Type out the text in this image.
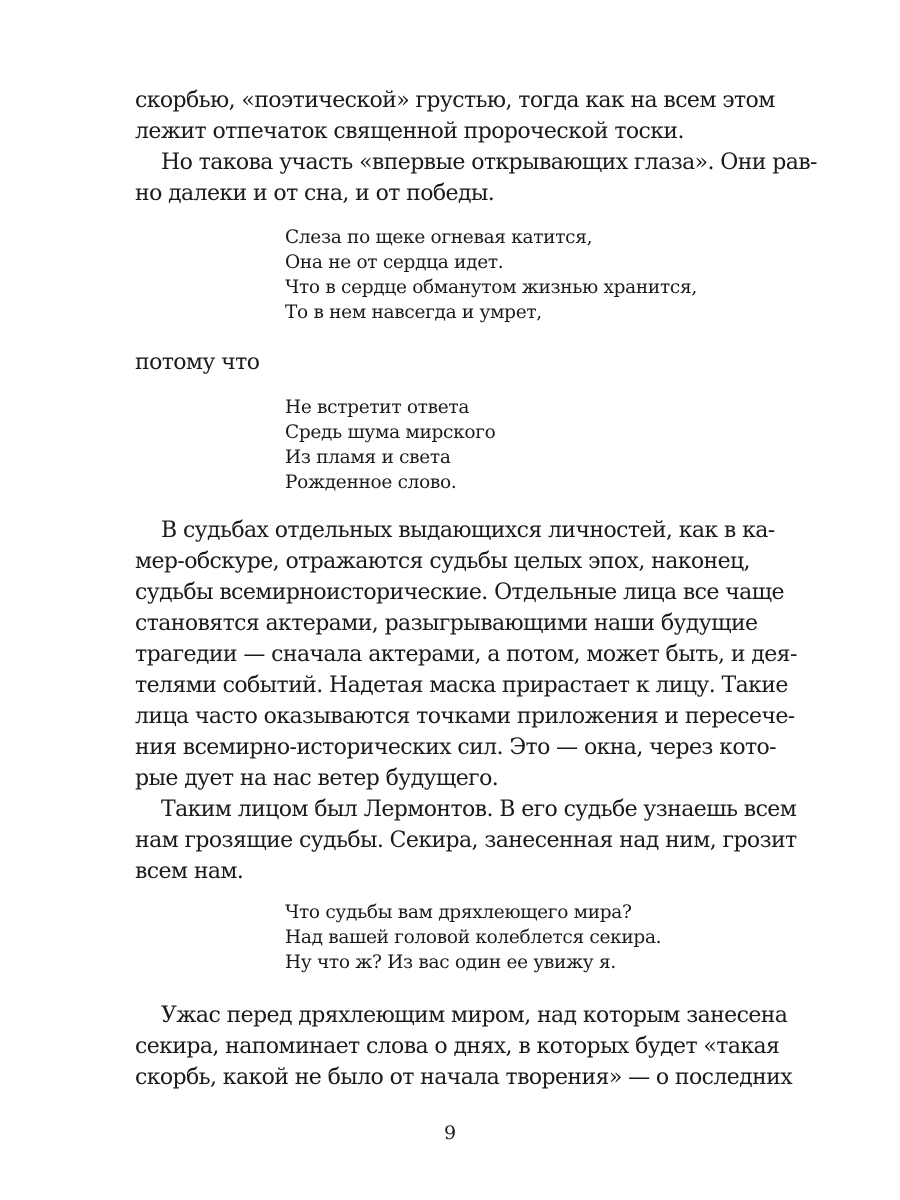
скорбью, «поэтической» грустью, тогда как на всем этом
лежит отпечаток священной пророческой тоски.
Но такова участь «впервые открывающих глаза». Они рав-
но далеки и от сна, и от победы.
Слеза по щеке огневая катится,
Она не от сердца идет.
Что в сердце обманутом жизнью хранится,
То в нем навсегда и умрет,
потому что
Не встретит ответа
Средь шума мирского
Из пламя и света
Рожденное слово.
В судьбах отдельных выдающихся личностей, как в ка-
мер-обскуре, отражаются судьбы целых эпох, наконец,
судьбы всемирноисторические. Отдельные лица все чаще
становятся актерами, разыгрывающими наши будущие
трагедии — сначала актерами, а потом, может быть, и дея-
телями событий. Надетая маска прирастает к лицу. Такие
лица часто оказываются точками приложения и пересече-
ния всемирно-исторических сил. Это — окна, через кото-
рые дует на нас ветер будущего.
Таким лицом был Лермонтов. В его судьбе узнаешь всем
нам грозящие судьбы. Секира, занесенная над ним, грозит
всем нам.
Что судьбы вам дряхлеющего мира?
Над вашей головой колеблется секира.
Ну что ж? Из вас один ее увижу я.
Ужас перед дряхлеющим миром, над которым занесена
секира, напоминает слова о днях, в которых будет «такая
скорбь, какой не было от начала творения» — о последних
9
